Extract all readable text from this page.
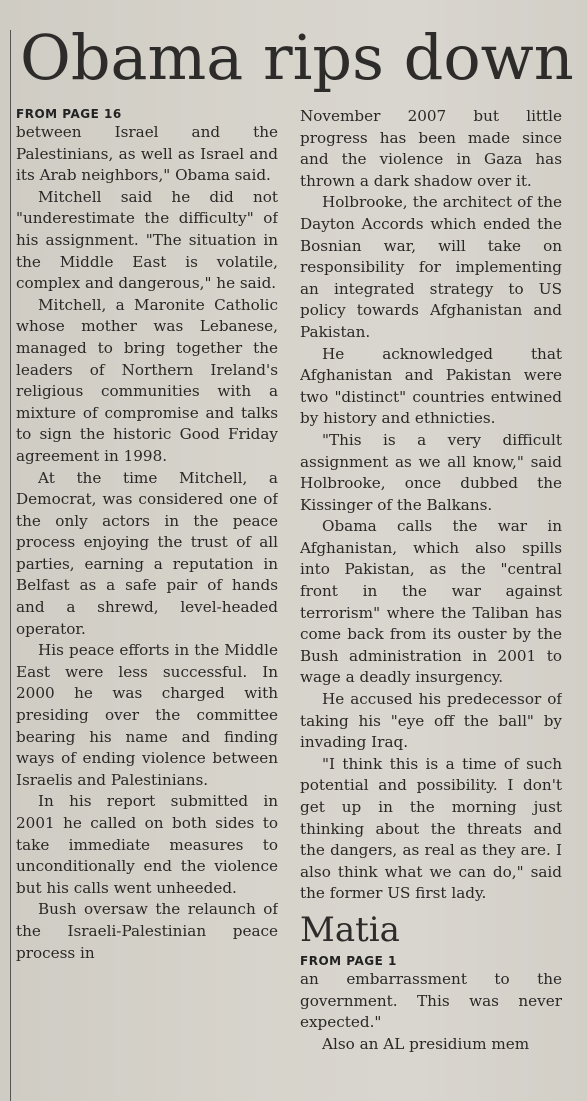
Obama rips down

FROM PAGE 16

between Israel and the Palestinians, as well as Israel and its Arab neighbors," Obama said.

Mitchell said he did not "underestimate the difficulty" of his assignment. "The situation in the Middle East is volatile, complex and dangerous," he said.

Mitchell, a Maronite Catholic whose mother was Lebanese, managed to bring together the leaders of Northern Ireland's religious communities with a mixture of compromise and talks to sign the historic Good Friday agreement in 1998.

At the time Mitchell, a Democrat, was considered one of the only actors in the peace process enjoying the trust of all parties, earning a reputation in Belfast as a safe pair of hands and a shrewd, level-headed operator.

His peace efforts in the Middle East were less successful. In 2000 he was charged with presiding over the committee bearing his name and finding ways of ending violence between Israelis and Palestinians.

In his report submitted in 2001 he called on both sides to take immediate measures to unconditionally end the violence but his calls went unheeded.

Bush oversaw the relaunch of the Israeli-Palestinian peace process in

November 2007 but little progress has been made since and the violence in Gaza has thrown a dark shadow over it.

Holbrooke, the architect of the Dayton Accords which ended the Bosnian war, will take on responsibility for implementing an integrated strategy to US policy towards Afghanistan and Pakistan.

He acknowledged that Afghanistan and Pakistan were two "distinct" countries entwined by history and ethnicties.

"This is a very difficult assignment as we all know," said Holbrooke, once dubbed the Kissinger of the Balkans.

Obama calls the war in Afghanistan, which also spills into Pakistan, as the "central front in the war against terrorism" where the Taliban has come back from its ouster by the Bush administration in 2001 to wage a deadly insurgency.

He accused his predecessor of taking his "eye off the ball" by invading Iraq.

"I think this is a time of such potential and possibility. I don't get up in the morning just thinking about the threats and the dangers, as real as they are. I also think what we can do," said the former US first lady.

Matia

FROM PAGE 1

an embarrassment to the government. This was never expected."

Also an AL presidium mem
